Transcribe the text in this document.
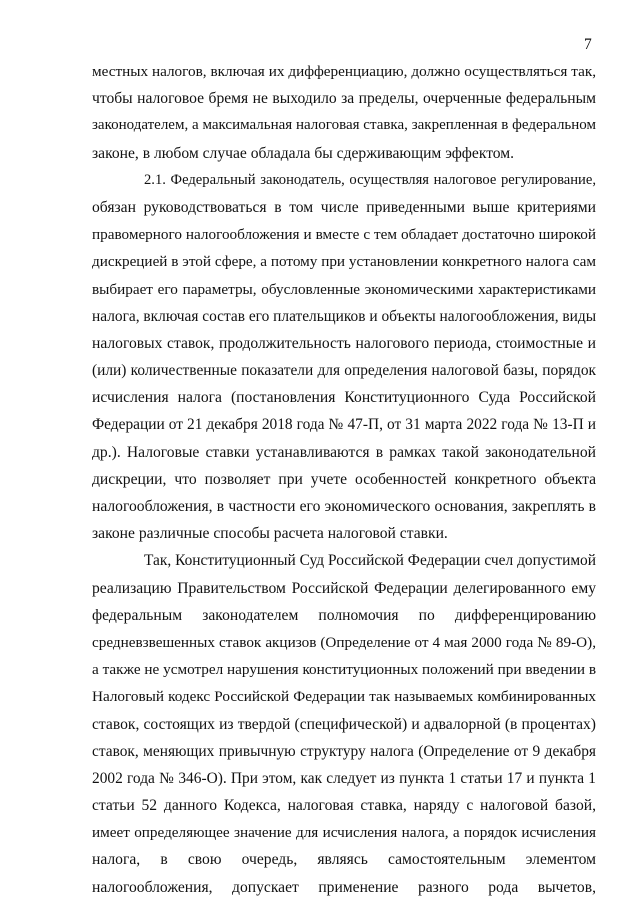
7
местных налогов, включая их дифференциацию, должно осуществляться так,
чтобы налоговое бремя не выходило за пределы, очерченные федеральным
законодателем, а максимальная налоговая ставка, закрепленная в федеральном
законе, в любом случае обладала бы сдерживающим эффектом.
2.1. Федеральный законодатель, осуществляя налоговое регулирование,
обязан руководствоваться в том числе приведенными выше критериями
правомерного налогообложения и вместе с тем обладает достаточно широкой
дискрецией в этой сфере, а потому при установлении конкретного налога сам
выбирает его параметры, обусловленные экономическими характеристиками
налога, включая состав его плательщиков и объекты налогообложения, виды
налоговых ставок, продолжительность налогового периода, стоимостные и
(или) количественные показатели для определения налоговой базы, порядок
исчисления налога (постановления Конституционного Суда Российской
Федерации от 21 декабря 2018 года № 47-П, от 31 марта 2022 года № 13-П и
др.). Налоговые ставки устанавливаются в рамках такой законодательной
дискреции, что позволяет при учете особенностей конкретного объекта
налогообложения, в частности его экономического основания, закреплять в
законе различные способы расчета налоговой ставки.
Так, Конституционный Суд Российской Федерации счел допустимой
реализацию Правительством Российской Федерации делегированного ему
федеральным законодателем полномочия по дифференцированию
средневзвешенных ставок акцизов (Определение от 4 мая 2000 года № 89-О),
а также не усмотрел нарушения конституционных положений при введении в
Налоговый кодекс Российской Федерации так называемых комбинированных
ставок, состоящих из твердой (специфической) и адвалорной (в процентах)
ставок, меняющих привычную структуру налога (Определение от 9 декабря
2002 года № 346-О). При этом, как следует из пункта 1 статьи 17 и пункта 1
статьи 52 данного Кодекса, налоговая ставка, наряду с налоговой базой,
имеет определяющее значение для исчисления налога, а порядок исчисления
налога, в свою очередь, являясь самостоятельным элементом
налогообложения, допускает применение разного рода вычетов,
